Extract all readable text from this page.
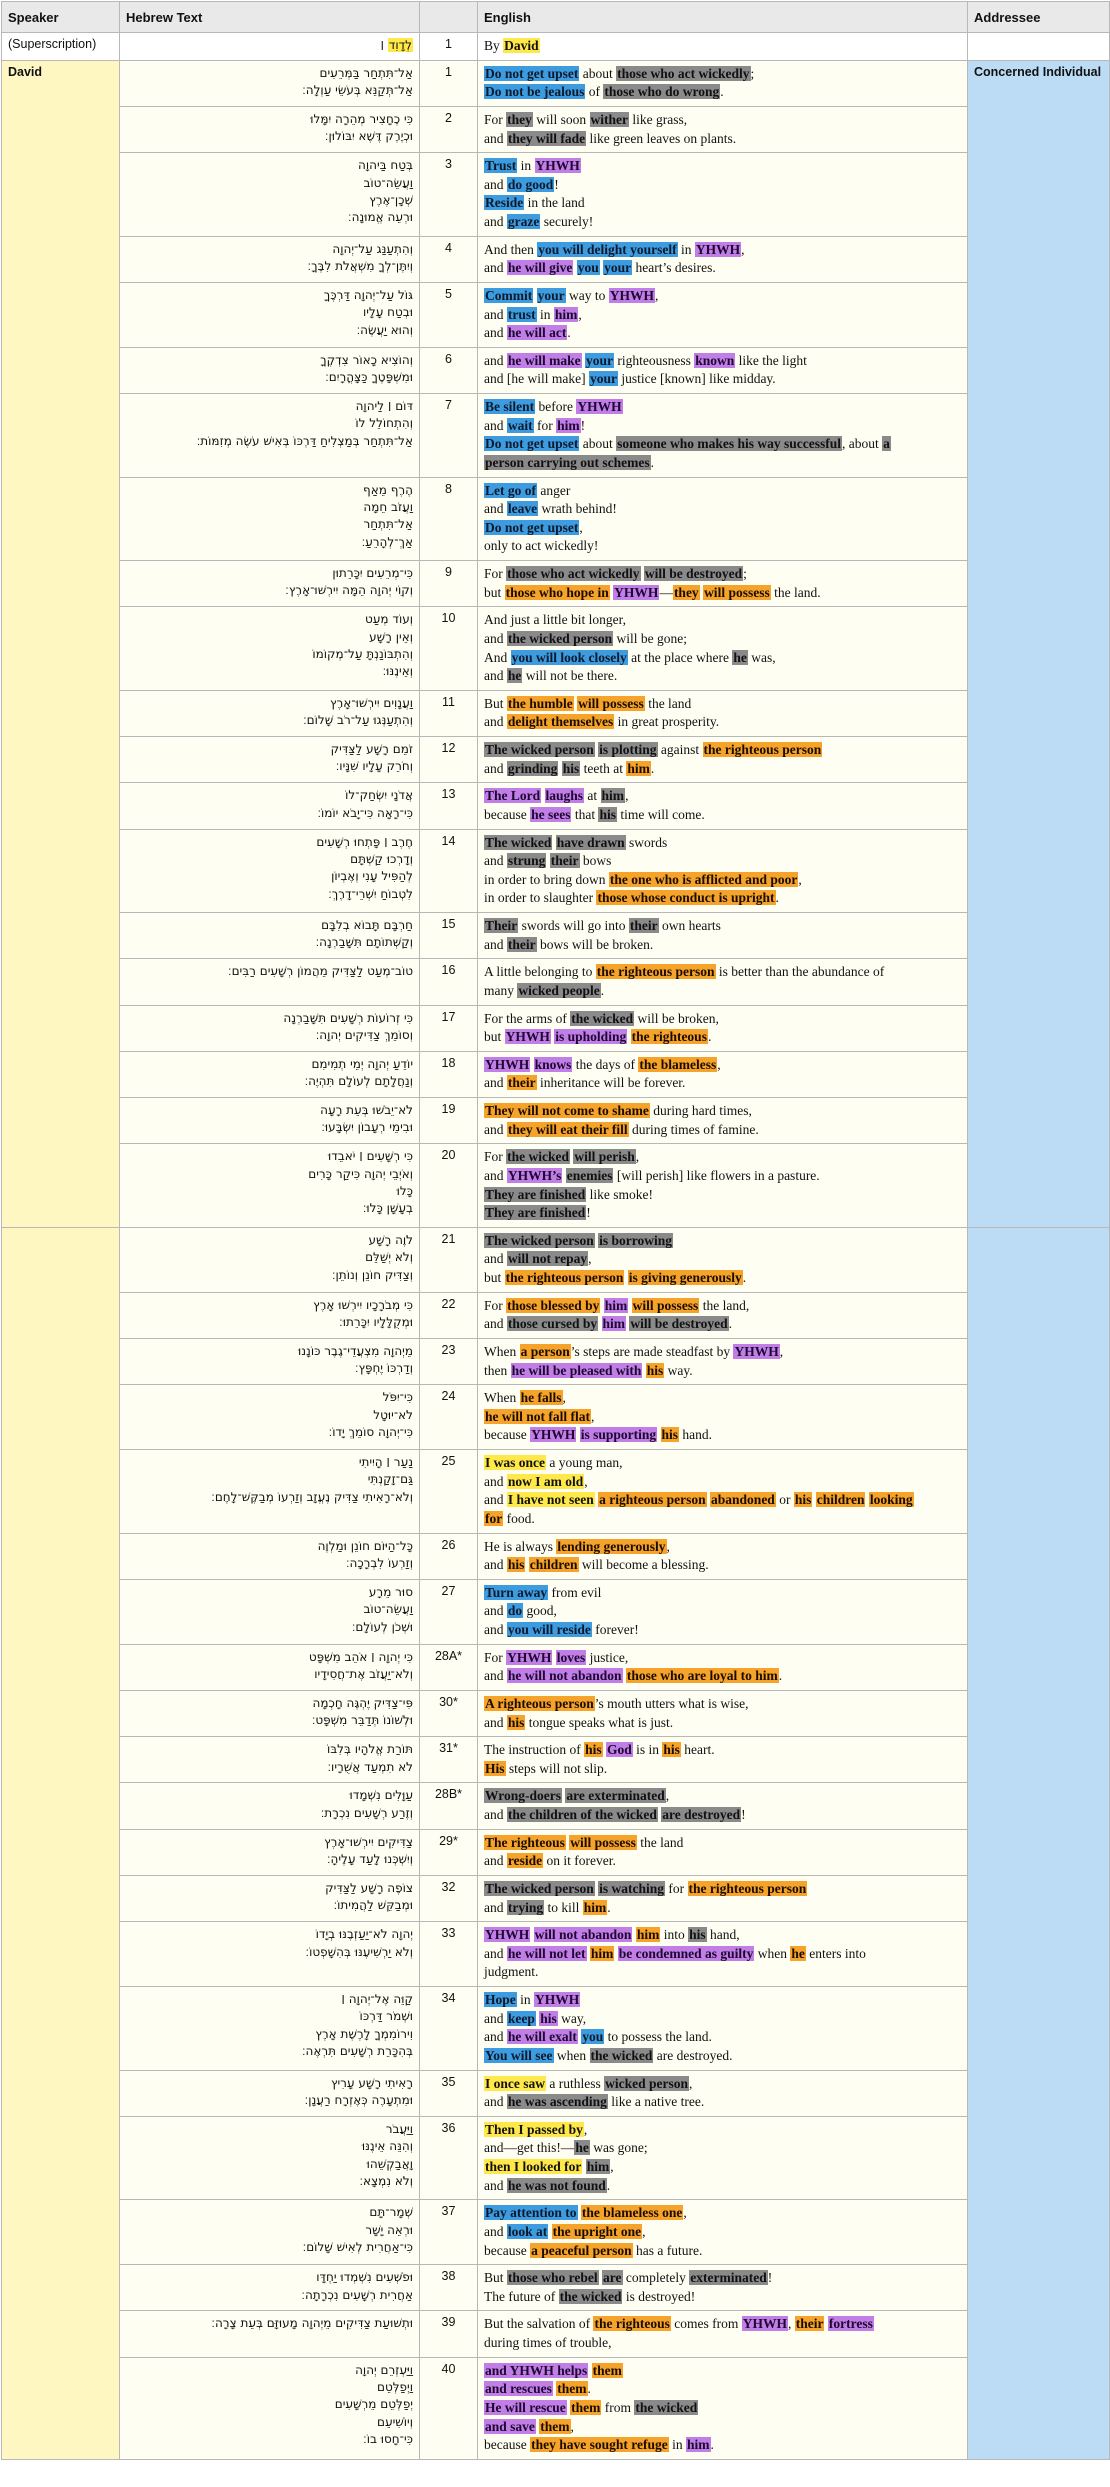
Speaker	Hebrew Text		English	Addressee
(Superscription)	לְדָוִד ׀	1	By David	

David	אַל־תִּתְחַר בַּמְּרֵעִים
אַל־תְּקַנֵּא בְּעֹשֵׂי עַוְלָה׃	1	Do not get upset about those who act wickedly;
Do not be jealous of those who do wrong.	Concerned Individual

	כִּי כֶחָצִיר מְהֵרָה יִמָּלוּ
וּכְיֶרֶק דֶּשֶׁא יִבּוֹלוּן׃	2	For they will soon wither like grass,
and they will fade like green leaves on plants.	

	בְּטַח בַּיהוָה
וַעֲשֵׂה־טוֹב
שְׁכָן־אֶרֶץ
וּרְעֵה אֱמוּנָה׃	3	Trust in YHWH
and do good!
Reside in the land
and graze securely!	

	וְהִתְעַנַּג עַל־יְהוָה
וְיִתֶּן־לְךָ מִשְׁאֲלֹת לִבֶּךָ׃	4	And then you will delight yourself in YHWH,
and he will give you your heart’s desires.	

	גּוֹל עַל־יְהוָה דַּרְכֶּךָ
וּבְטַח עָלָיו
וְהוּא יַעֲשֶׂה׃	5	Commit your way to YHWH,
and trust in him,
and he will act.	

	וְהוֹצִיא כָאוֹר צִדְקֶךָ
וּמִשְׁפָּטֶךָ כַּצָּהֳרָיִם׃	6	and he will make your righteousness known like the light
and [he will make] your justice [known] like midday.	

	דּוֹם ׀ לַיהוָה
וְהִתְחוֹלֵל לוֹ
אַל־תִּתְחַר בְּמַצְלִיחַ דַּרְכּוֹ בְּאִישׁ עֹשֶׂה מְזִמּוֹת׃	7	Be silent before YHWH
and wait for him!
Do not get upset about someone who makes his way successful, about a
person carrying out schemes.	

	הֶרֶף מֵאַף
וַעֲזֹב חֵמָה
אַל־תִּתְחַר
אַךְ־לְהָרֵעַ׃	8	Let go of anger
and leave wrath behind!
Do not get upset,
only to act wickedly!	

	כִּי־מְרֵעִים יִכָּרֵתוּן
וְקוֵֹי יְהוָה הֵמָּה יִירְשׁוּ־אָרֶץ׃	9	For those who act wickedly will be destroyed;
but those who hope in YHWH—they will possess the land.	

	וְעוֹד מְעַט
וְאֵין רָשָׁע
וְהִתְבּוֹנַנְתָּ עַל־מְקוֹמוֹ
וְאֵינֶנּוּ׃	10	And just a little bit longer,
and the wicked person will be gone;
And you will look closely at the place where he was,
and he will not be there.	

	וַעֲנָוִים יִירְשׁוּ־אָרֶץ
וְהִתְעַנְּגוּ עַל־רֹב שָׁלוֹם׃	11	But the humble will possess the land
and delight themselves in great prosperity.	

	זֹמֵם רָשָׁע לַצַּדִּיק
וְחֹרֵק עָלָיו שִׁנָּיו׃	12	The wicked person is plotting against the righteous person
and grinding his teeth at him.	

	אֲדֹנָי יִשְׂחַק־לוֹ
כִּי־רָאָה כִּי־יָבֹא יוֹמוֹ׃	13	The Lord laughs at him,
because he sees that his time will come.	

	חֶרֶב ׀ פָּתְחוּ רְשָׁעִים
וְדָרְכוּ קַשְׁתָּם
לְהַפִּיל עָנִי וְאֶבְיוֹן
לִטְבוֹחַ יִשְׁרֵי־דָרֶךְ׃	14	The wicked have drawn swords
and strung their bows
in order to bring down the one who is afflicted and poor,
in order to slaughter those whose conduct is upright.	

	חַרְבָּם תָּבוֹא בְלִבָּם
וְקַשְּׁתוֹתָם תִּשָּׁבַרְנָה׃	15	Their swords will go into their own hearts
and their bows will be broken.	

	טוֹב־מְעַט לַצַּדִּיק מֵהֲמוֹן רְשָׁעִים רַבִּים׃	16	A little belonging to the righteous person is better than the abundance of
many wicked people.	

	כִּי זְרוֹעוֹת רְשָׁעִים תִּשָּׁבַרְנָה
וְסוֹמֵךְ צַדִּיקִים יְהוָה׃	17	For the arms of the wicked will be broken,
but YHWH is upholding the righteous.	

	יוֹדֵעַ יְהוָה יְמֵי תְמִימִם
וְנַחֲלָתָם לְעוֹלָם תִּהְיֶה׃	18	YHWH knows the days of the blameless,
and their inheritance will be forever.	

	לֹא־יֵבֹשׁוּ בְּעֵת רָעָה
וּבִימֵי רְעָבוֹן יִשְׂבָּעוּ׃	19	They will not come to shame during hard times,
and they will eat their fill during times of famine.	

	כִּי רְשָׁעִים ׀ יֹאבֵדוּ
וְאֹיְבֵי יְהוָה כִּיקַר כָּרִים
כָּלוּ
בְעָשָׁן כָּלוּ׃	20	For the wicked will perish,
and YHWH’s enemies [will perish] like flowers in a pasture.
They are finished like smoke!
They are finished!	

	לֹוֶה רָשָׁע
וְלֹא יְשַׁלֵּם
וְצַדִּיק חוֹנֵן וְנוֹתֵן׃	21	The wicked person is borrowing
and will not repay,
but the righteous person is giving generously.	

	כִּי מְבֹרָכָיו יִירְשׁוּ אָרֶץ
וּמְקֻלָּלָיו יִכָּרֵתוּ׃	22	For those blessed by him will possess the land,
and those cursed by him will be destroyed.	

	מֵיְהוָה מִצְעֲדֵי־גֶבֶר כּוֹנָנוּ
וְדַרְכּוֹ יֶחְפָּץ׃	23	When a person’s steps are made steadfast by YHWH,
then he will be pleased with his way.	

	כִּי־יִפֹּל
לֹא־יוּטָל
כִּי־יְהוָה סוֹמֵךְ יָדוֹ׃	24	When he falls,
he will not fall flat,
because YHWH is supporting his hand.	

	נַעַר ׀ הָיִיתִי
גַּם־זָקַנְתִּי
וְלֹא־רָאִיתִי צַדִּיק נֶעֱזָב וְזַרְעוֹ מְבַקֶּשׁ־לָחֶם׃	25	I was once a young man,
and now I am old,
and I have not seen a righteous person abandoned or his children looking
for food.	

	כָּל־הַיּוֹם חוֹנֵן וּמַלְוֶה
וְזַרְעוֹ לִבְרָכָה׃	26	He is always lending generously,
and his children will become a blessing.	

	סוּר מֵרָע
וַעֲשֵׂה־טוֹב
וּשְׁכֹן לְעוֹלָם׃	27	Turn away from evil
and do good,
and you will reside forever!	

	כִּי יְהוָה ׀ אֹהֵב מִשְׁפָּט
וְלֹא־יַעֲזֹב אֶת־חֲסִידָיו	28A*	For YHWH loves justice,
and he will not abandon those who are loyal to him.	

	פִּי־צַדִּיק יֶהְגֶּה חָכְמָה
וּלְשׁוֹנוֹ תְּדַבֵּר מִשְׁפָּט׃	30*	A righteous person’s mouth utters what is wise,
and his tongue speaks what is just.	

	תּוֹרַת אֱלֹהָיו בְּלִבּוֹ
לֹא תִמְעַד אֲשֻׁרָיו׃	31*	The instruction of his God is in his heart.
His steps will not slip.	

	עַוָּלִים נִשְׁמָדוּ
וְזֶרַע רְשָׁעִים נִכְרָת׃	28B*	Wrong-doers are exterminated,
and the children of the wicked are destroyed!	

	צַדִּיקִים יִירְשׁוּ־אָרֶץ
וְיִשְׁכְּנוּ לָעַד עָלֶיהָ׃	29*	The righteous will possess the land
and reside on it forever.	

	צוֹפֶה רָשָׁע לַצַּדִּיק
וּמְבַקֵּשׁ לַהֲמִיתוֹ׃	32	The wicked person is watching for the righteous person
and trying to kill him.	

	יְהוָה לֹא־יַעַזְבֶנּוּ בְיָדוֹ
וְלֹא יַרְשִׁיעֶנּוּ בְּהִשָּׁפְטוֹ׃	33	YHWH will not abandon him into his hand,
and he will not let him be condemned as guilty when he enters into
judgment.	

	קַוֵּה אֶל־יְהוָה ׀
וּשְׁמֹר דַּרְכּוֹ
וִירוֹמִמְךָ לָרֶשֶׁת אָרֶץ
בְּהִכָּרֵת רְשָׁעִים תִּרְאֶה׃	34	Hope in YHWH
and keep his way,
and he will exalt you to possess the land.
You will see when the wicked are destroyed.	

	רָאִיתִי רָשָׁע עָרִיץ
וּמִתְעָרֶה כְּאֶזְרָח רַעֲנָן׃	35	I once saw a ruthless wicked person,
and he was ascending like a native tree.	

	וַיַּעֲבֹר
וְהִנֵּה אֵינֶנּוּ
וָאֲבַקְשֵׁהוּ
וְלֹא נִמְצָא׃	36	Then I passed by,
and—get this!—he was gone;
then I looked for him,
and he was not found.	

	שְׁמָר־תָּם
וּרְאֵה יָשָׁר
כִּי־אַחֲרִית לְאִישׁ שָׁלוֹם׃	37	Pay attention to the blameless one,
and look at the upright one,
because a peaceful person has a future.	

	וּפֹשְׁעִים נִשְׁמְדוּ יַחְדָּו
אַחֲרִית רְשָׁעִים נִכְרָתָה׃	38	But those who rebel are completely exterminated!
The future of the wicked is destroyed!	

	וּתְשׁוּעַת צַדִּיקִים מֵיְהוָה מָעוּזָּם בְּעֵת צָרָה׃	39	But the salvation of the righteous comes from YHWH, their fortress
during times of trouble,	

	וַיַּעְזְרֵם יְהוָה
וַיְפַלְּטֵם
יְפַלְּטֵם מֵרְשָׁעִים
וְיוֹשִׁיעֵם
כִּי־חָסוּ בוֹ׃	40	and YHWH helps them
and rescues them.
He will rescue them from the wicked
and save them,
because they have sought refuge in him.	
